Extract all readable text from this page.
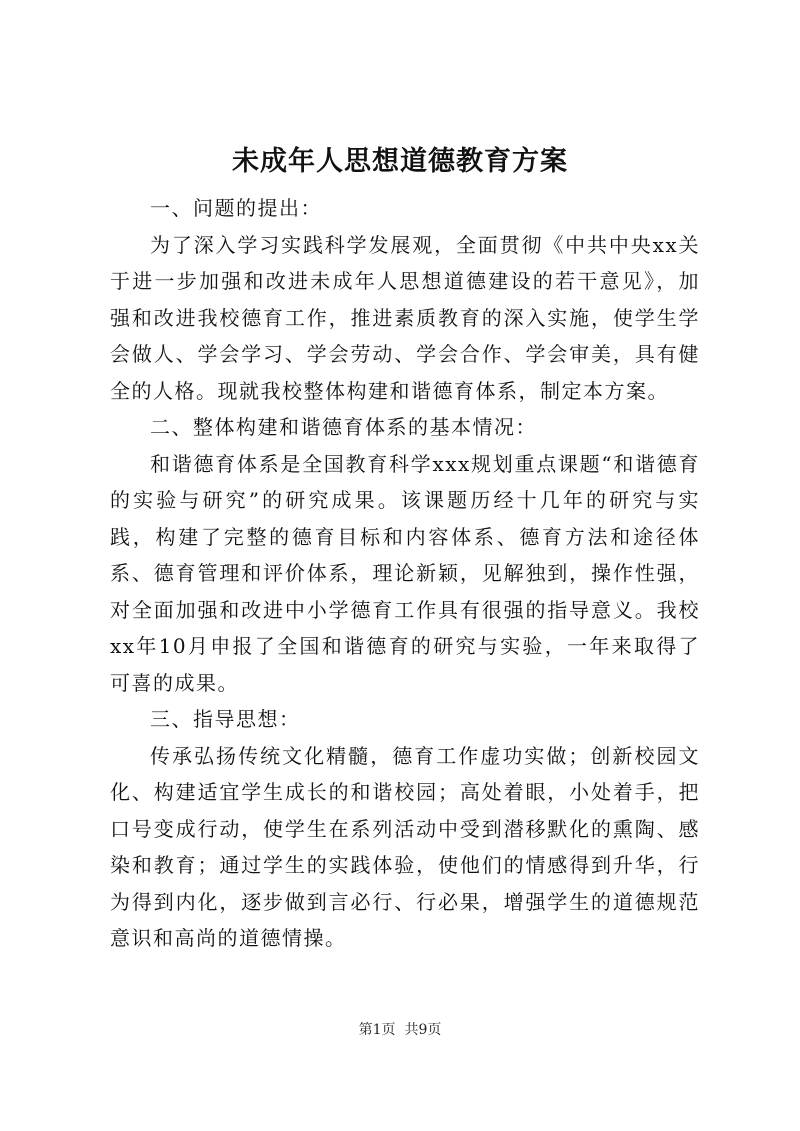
未成年人思想道德教育方案

一、问题的提出：

为了深入学习实践科学发展观，全面贯彻《中共中央xx关于进一步加强和改进未成年人思想道德建设的若干意见》，加强和改进我校德育工作，推进素质教育的深入实施，使学生学会做人、学会学习、学会劳动、学会合作、学会审美，具有健全的人格。现就我校整体构建和谐德育体系，制定本方案。

二、整体构建和谐德育体系的基本情况：

和谐德育体系是全国教育科学xxx规划重点课题“和谐德育的实验与研究”的研究成果。该课题历经十几年的研究与实践，构建了完整的德育目标和内容体系、德育方法和途径体系、德育管理和评价体系，理论新颖，见解独到，操作性强，对全面加强和改进中小学德育工作具有很强的指导意义。我校xx年10月申报了全国和谐德育的研究与实验，一年来取得了可喜的成果。

三、指导思想：

传承弘扬传统文化精髓，德育工作虚功实做；创新校园文化、构建适宜学生成长的和谐校园；高处着眼，小处着手，把口号变成行动，使学生在系列活动中受到潜移默化的熏陶、感染和教育；通过学生的实践体验，使他们的情感得到升华，行为得到内化，逐步做到言必行、行必果，增强学生的道德规范意识和高尚的道德情操。

第1页  共9页
